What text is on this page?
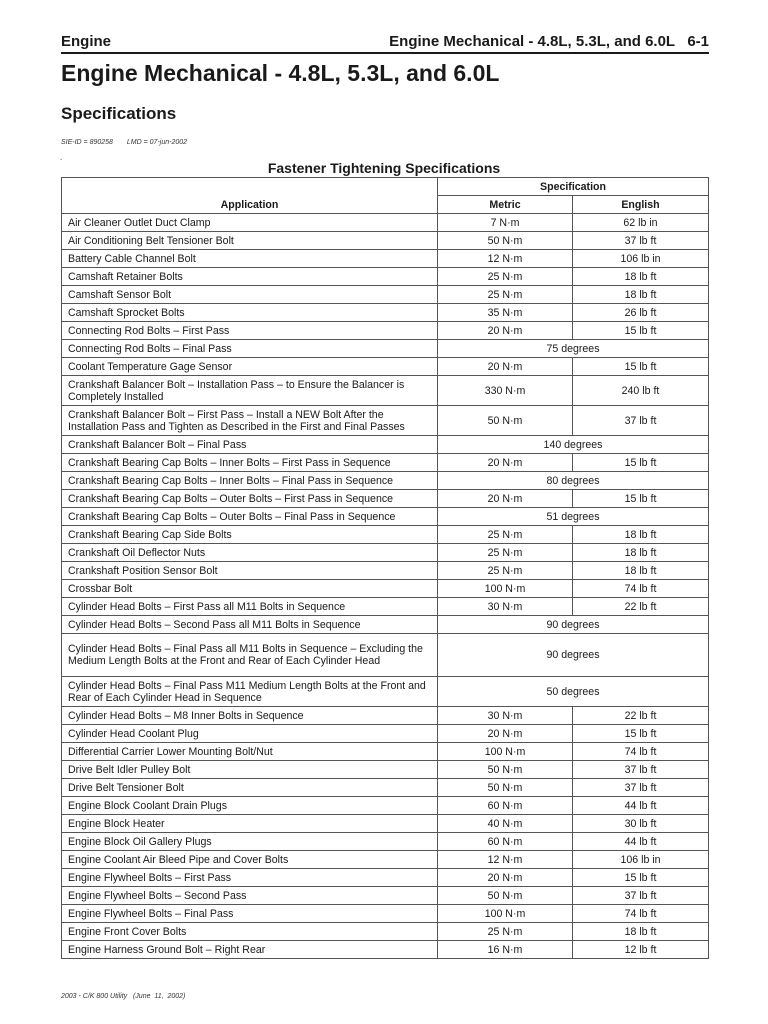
Engine	Engine Mechanical - 4.8L, 5.3L, and 6.0L   6-1
Engine Mechanical - 4.8L, 5.3L, and 6.0L
Specifications
SIE-ID = 890258 LMD = 07-jun-2002
.
Fastener Tightening Specifications
Application	Specification	
	Metric	English
Air Cleaner Outlet Duct Clamp	7 N·m	62 lb in
Air Conditioning Belt Tensioner Bolt	50 N·m	37 lb ft
Battery Cable Channel Bolt	12 N·m	106 lb in
Camshaft Retainer Bolts	25 N·m	18 lb ft
Camshaft Sensor Bolt	25 N·m	18 lb ft
Camshaft Sprocket Bolts	35 N·m	26 lb ft
Connecting Rod Bolts – First Pass	20 N·m	15 lb ft
Connecting Rod Bolts – Final Pass	75 degrees	
Coolant Temperature Gage Sensor	20 N·m	15 lb ft
Crankshaft Balancer Bolt – Installation Pass – to Ensure the Balancer is Completely Installed	330 N·m	240 lb ft
Crankshaft Balancer Bolt – First Pass – Install a NEW Bolt After the Installation Pass and Tighten as Described in the First and Final Passes	50 N·m	37 lb ft
Crankshaft Balancer Bolt – Final Pass	140 degrees	
Crankshaft Bearing Cap Bolts – Inner Bolts – First Pass in Sequence	20 N·m	15 lb ft
Crankshaft Bearing Cap Bolts – Inner Bolts – Final Pass in Sequence	80 degrees	
Crankshaft Bearing Cap Bolts – Outer Bolts – First Pass in Sequence	20 N·m	15 lb ft
Crankshaft Bearing Cap Bolts – Outer Bolts – Final Pass in Sequence	51 degrees	
Crankshaft Bearing Cap Side Bolts	25 N·m	18 lb ft
Crankshaft Oil Deflector Nuts	25 N·m	18 lb ft
Crankshaft Position Sensor Bolt	25 N·m	18 lb ft
Crossbar Bolt	100 N·m	74 lb ft
Cylinder Head Bolts – First Pass all M11 Bolts in Sequence	30 N·m	22 lb ft
Cylinder Head Bolts – Second Pass all M11 Bolts in Sequence	90 degrees	
Cylinder Head Bolts – Final Pass all M11 Bolts in Sequence – Excluding the Medium Length Bolts at the Front and Rear of Each Cylinder Head	90 degrees	
Cylinder Head Bolts – Final Pass M11 Medium Length Bolts at the Front and Rear of Each Cylinder Head in Sequence	50 degrees	
Cylinder Head Bolts – M8 Inner Bolts in Sequence	30 N·m	22 lb ft
Cylinder Head Coolant Plug	20 N·m	15 lb ft
Differential Carrier Lower Mounting Bolt/Nut	100 N·m	74 lb ft
Drive Belt Idler Pulley Bolt	50 N·m	37 lb ft
Drive Belt Tensioner Bolt	50 N·m	37 lb ft
Engine Block Coolant Drain Plugs	60 N·m	44 lb ft
Engine Block Heater	40 N·m	30 lb ft
Engine Block Oil Gallery Plugs	60 N·m	44 lb ft
Engine Coolant Air Bleed Pipe and Cover Bolts	12 N·m	106 lb in
Engine Flywheel Bolts – First Pass	20 N·m	15 lb ft
Engine Flywheel Bolts – Second Pass	50 N·m	37 lb ft
Engine Flywheel Bolts – Final Pass	100 N·m	74 lb ft
Engine Front Cover Bolts	25 N·m	18 lb ft
Engine Harness Ground Bolt – Right Rear	16 N·m	12 lb ft
2003 - C/K 800 Utility   (June  11,  2002)
